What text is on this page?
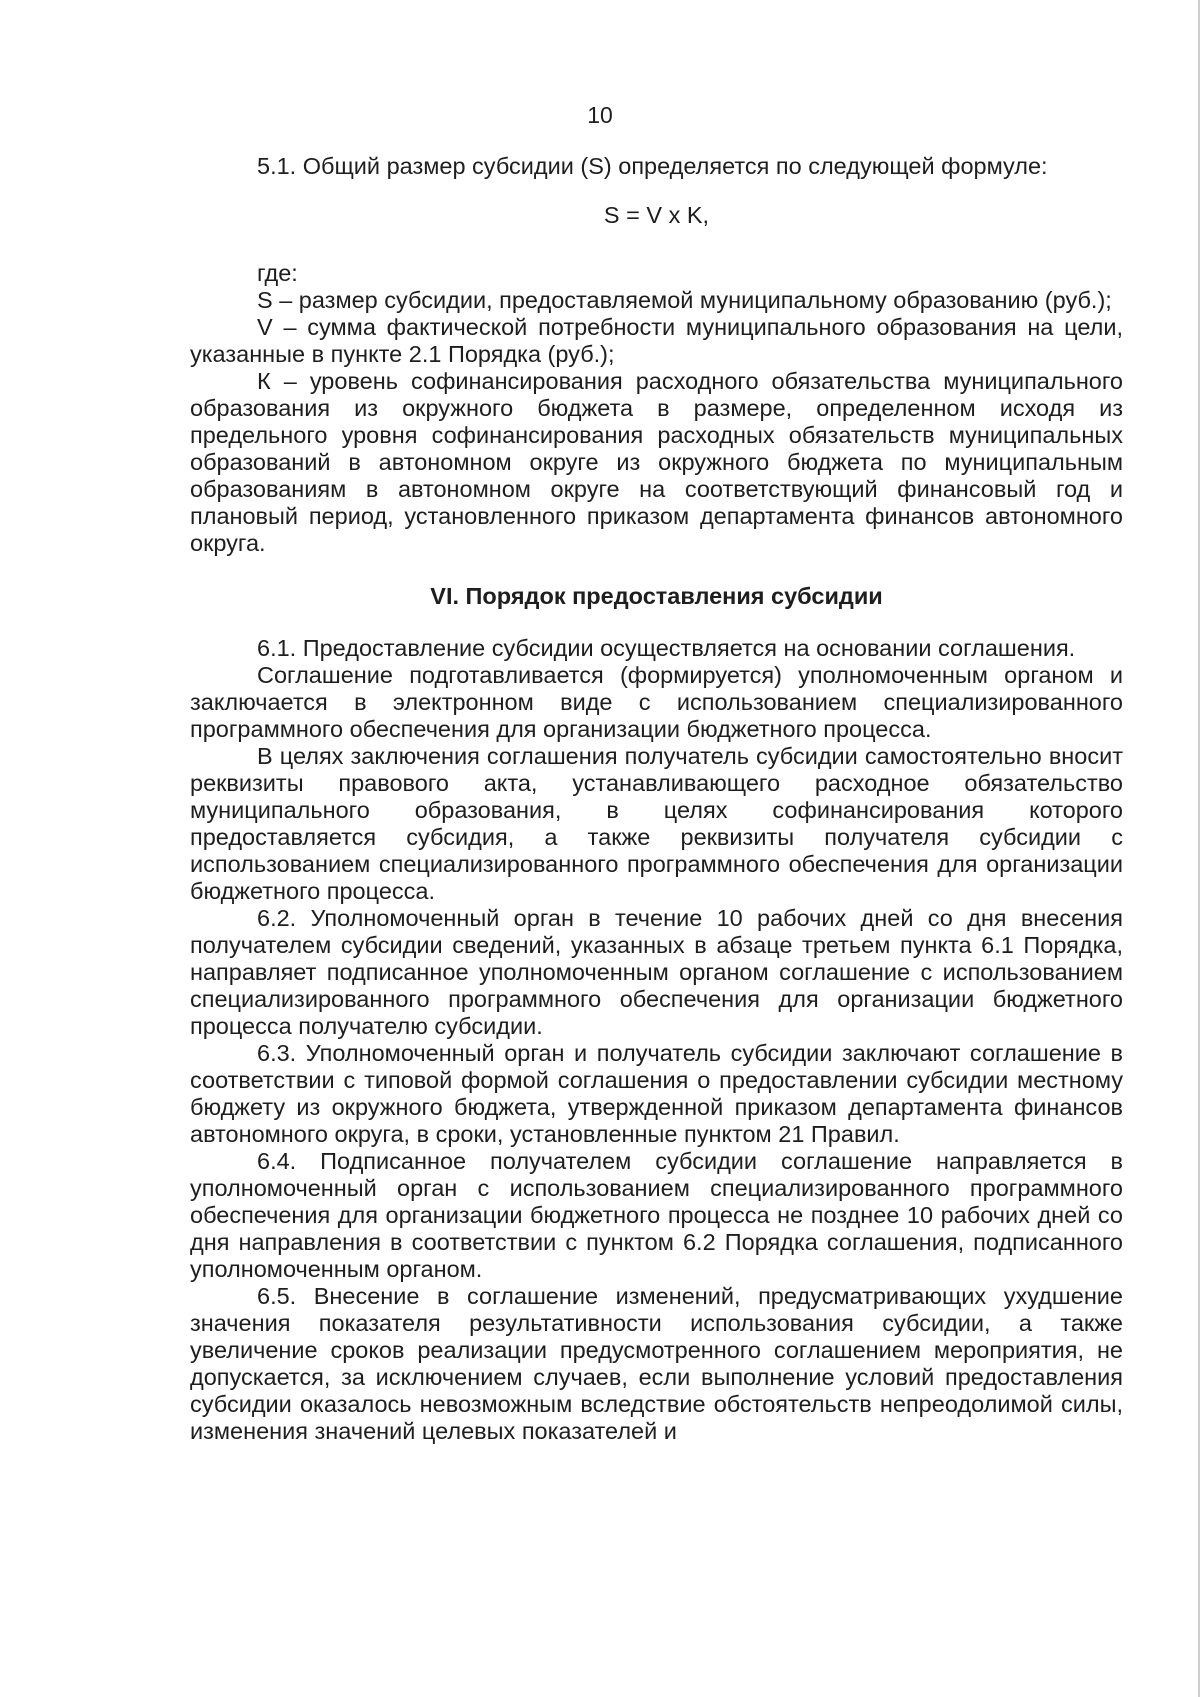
10

5.1. Общий размер субсидии (S) определяется по следующей формуле:

S = V x K,

где:

S – размер субсидии, предоставляемой муниципальному образованию (руб.);

V – сумма фактической потребности муниципального образования на цели, указанные в пункте 2.1 Порядка (руб.);

К – уровень софинансирования расходного обязательства муниципального образования из окружного бюджета в размере, определенном исходя из предельного уровня софинансирования расходных обязательств муниципальных образований в автономном округе из окружного бюджета по муниципальным образованиям в автономном округе на соответствующий финансовый год и плановый период, установленного приказом департамента финансов автономного округа.

VI. Порядок предоставления субсидии

6.1. Предоставление субсидии осуществляется на основании соглашения.

Соглашение подготавливается (формируется) уполномоченным органом и заключается в электронном виде с использованием специализированного программного обеспечения для организации бюджетного процесса.

В целях заключения соглашения получатель субсидии самостоятельно вносит реквизиты правового акта, устанавливающего расходное обязательство муниципального образования, в целях софинансирования которого предоставляется субсидия, а также реквизиты получателя субсидии с использованием специализированного программного обеспечения для организации бюджетного процесса.

6.2. Уполномоченный орган в течение 10 рабочих дней со дня внесения получателем субсидии сведений, указанных в абзаце третьем пункта 6.1 Порядка, направляет подписанное уполномоченным органом соглашение с использованием специализированного программного обеспечения для организации бюджетного процесса получателю субсидии.

6.3. Уполномоченный орган и получатель субсидии заключают соглашение в соответствии с типовой формой соглашения о предоставлении субсидии местному бюджету из окружного бюджета, утвержденной приказом департамента финансов автономного округа, в сроки, установленные пунктом 21 Правил.

6.4. Подписанное получателем субсидии соглашение направляется в уполномоченный орган с использованием специализированного программного обеспечения для организации бюджетного процесса не позднее 10 рабочих дней со дня направления в соответствии с пунктом 6.2 Порядка соглашения, подписанного уполномоченным органом.

6.5. Внесение в соглашение изменений, предусматривающих ухудшение значения показателя результативности использования субсидии, а также увеличение сроков реализации предусмотренного соглашением мероприятия, не допускается, за исключением случаев, если выполнение условий предоставления субсидии оказалось невозможным вследствие обстоятельств непреодолимой силы, изменения значений целевых показателей и
